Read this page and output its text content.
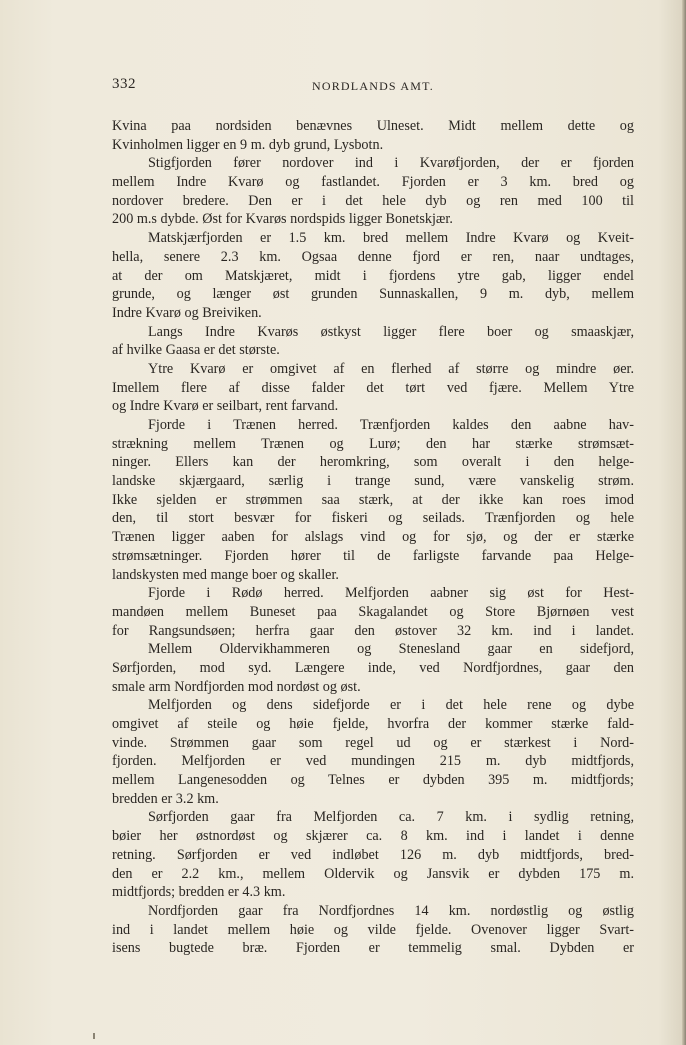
332	NORDLANDS AMT.
Kvina paa nordsiden benævnes Ulneset. Midt mellem dette og
Kvinholmen ligger en 9 m. dyb grund, Lysbotn.
Stigfjorden fører nordover ind i Kvarøfjorden, der er fjorden
mellem Indre Kvarø og fastlandet. Fjorden er 3 km. bred og
nordover bredere. Den er i det hele dyb og ren med 100 til
200 m.s dybde. Øst for Kvarøs nordspids ligger Bonetskjær.
Matskjærfjorden er 1.5 km. bred mellem Indre Kvarø og Kveit-
hella, senere 2.3 km. Ogsaa denne fjord er ren, naar undtages,
at der om Matskjæret, midt i fjordens ytre gab, ligger endel
grunde, og længer øst grunden Sunnaskallen, 9 m. dyb, mellem
Indre Kvarø og Breiviken.
Langs Indre Kvarøs østkyst ligger flere boer og smaaskjær,
af hvilke Gaasa er det største.
Ytre Kvarø er omgivet af en flerhed af større og mindre øer.
Imellem flere af disse falder det tørt ved fjære. Mellem Ytre
og Indre Kvarø er seilbart, rent farvand.
Fjorde i Trænen herred. Trænfjorden kaldes den aabne hav-
strækning mellem Trænen og Lurø; den har stærke strømsæt-
ninger. Ellers kan der heromkring, som overalt i den helge-
landske skjærgaard, særlig i trange sund, være vanskelig strøm.
Ikke sjelden er strømmen saa stærk, at der ikke kan roes imod
den, til stort besvær for fiskeri og seilads. Trænfjorden og hele
Trænen ligger aaben for alslags vind og for sjø, og der er stærke
strømsætninger. Fjorden hører til de farligste farvande paa Helge-
landskysten med mange boer og skaller.
Fjorde i Rødø herred. Melfjorden aabner sig øst for Hest-
mandøen mellem Buneset paa Skagalandet og Store Bjørnøen vest
for Rangsundsøen; herfra gaar den østover 32 km. ind i landet.
Mellem Oldervikhammeren og Stenesland gaar en sidefjord,
Sørfjorden, mod syd. Længere inde, ved Nordfjordnes, gaar den
smale arm Nordfjorden mod nordøst og øst.
Melfjorden og dens sidefjorde er i det hele rene og dybe
omgivet af steile og høie fjelde, hvorfra der kommer stærke fald-
vinde. Strømmen gaar som regel ud og er stærkest i Nord-
fjorden. Melfjorden er ved mundingen 215 m. dyb midtfjords,
mellem Langenesodden og Telnes er dybden 395 m. midtfjords;
bredden er 3.2 km.
Sørfjorden gaar fra Melfjorden ca. 7 km. i sydlig retning,
bøier her østnordøst og skjærer ca. 8 km. ind i landet i denne
retning. Sørfjorden er ved indløbet 126 m. dyb midtfjords, bred-
den er 2.2 km., mellem Oldervik og Jansvik er dybden 175 m.
midtfjords; bredden er 4.3 km.
Nordfjorden gaar fra Nordfjordnes 14 km. nordøstlig og østlig
ind i landet mellem høie og vilde fjelde. Ovenover ligger Svart-
isens bugtede bræ. Fjorden er temmelig smal. Dybden er
